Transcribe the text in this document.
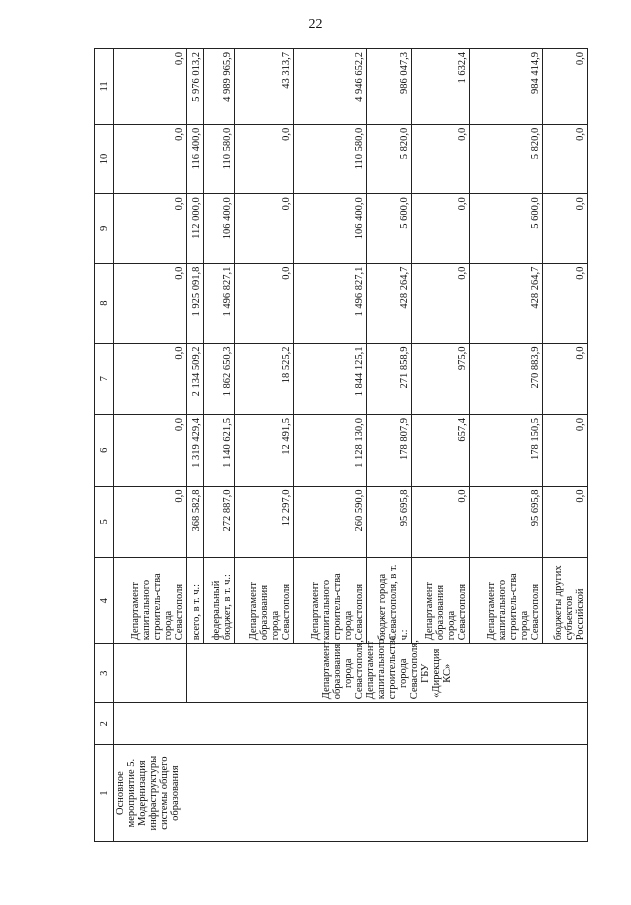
22
1	2	3	4	5	6	7	8	9	10	11
Основное мероприятие 5. Модернизация инфраструктуры системы общего образования			Департамент капитального строитель-ства города Севастополя	0,0	0,0	0,0	0,0	0,0	0,0	0,0
		Департамент образования города Севастополя, Департамент капитального строительства города Севастополя, ГБУ «Дирекция КС»	всего, в т. ч.:	368 582,8	1 319 429,4	2 134 509,2	1 925 091,8	112 000,0	116 400,0	5 976 013,2
			федеральный бюджет, в т. ч.:	272 887,0	1 140 621,5	1 862 650,3	1 496 827,1	106 400,0	110 580,0	4 989 965,9
			Департамент образования города Севастополя	12 297,0	12 491,5	18 525,2	0,0	0,0	0,0	43 313,7
			Департамент капитального строитель-ства города Севастополя	260 590,0	1 128 130,0	1 844 125,1	1 496 827,1	106 400,0	110 580,0	4 946 652,2
			бюджет города Севастополя, в т. ч.:	95 695,8	178 807,9	271 858,9	428 264,7	5 600,0	5 820,0	986 047,3
			Департамент образования города Севастополя	0,0	657,4	975,0	0,0	0,0	0,0	1 632,4
			Департамент капитального строитель-ства города Севастополя	95 695,8	178 150,5	270 883,9	428 264,7	5 600,0	5 820,0	984 414,9
			бюджеты других субъектов Российской	0,0	0,0	0,0	0,0	0,0	0,0	0,0
